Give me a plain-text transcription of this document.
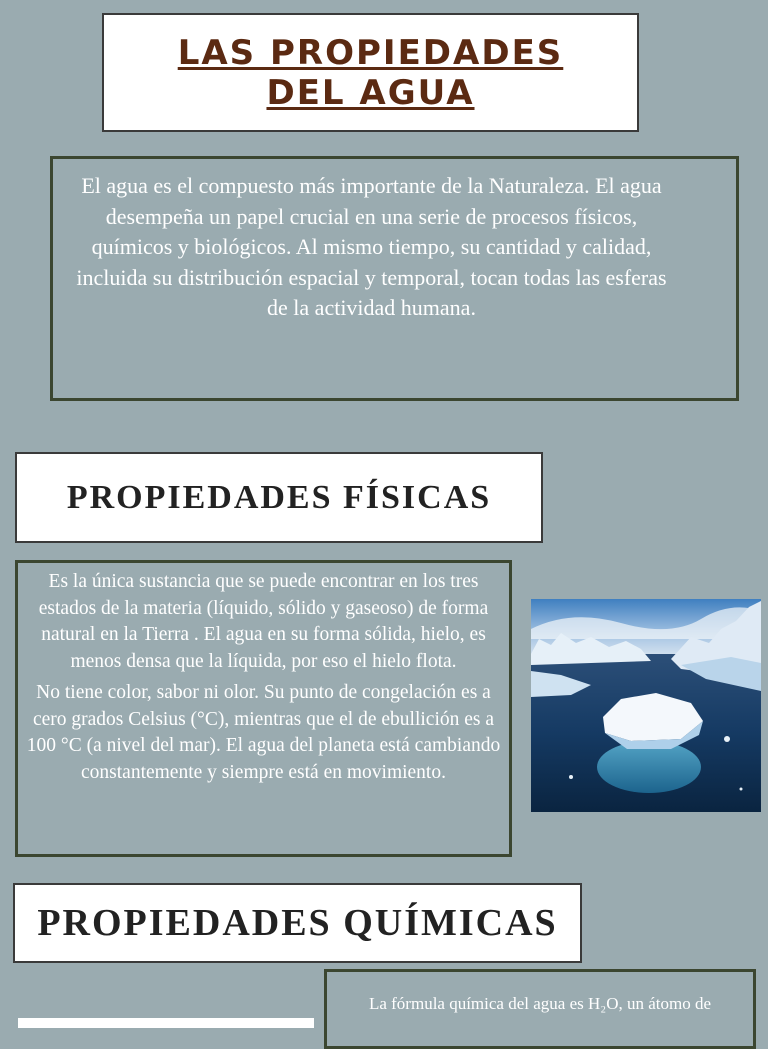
LAS PROPIEDADES
DEL AGUA
El agua es el compuesto más importante de la Naturaleza. El agua desempeña un papel crucial en una serie de procesos físicos, químicos y biológicos. Al mismo tiempo, su cantidad y calidad, incluida su distribución espacial y temporal, tocan todas las esferas de la actividad humana.
PROPIEDADES FÍSICAS

Es la única sustancia que se puede encontrar en los tres estados de la materia (líquido, sólido y gaseoso) de forma natural en la Tierra . El agua en su forma sólida, hielo, es menos densa que la líquida, por eso el hielo flota.

No tiene color, sabor ni olor. Su punto de congelación es a cero grados Celsius (°C), mientras que el de ebullición es a 100 °C (a nivel del mar). El agua del planeta está cambiando constantemente y siempre está en movimiento.

PROPIEDADES QUÍMICAS
La fórmula química del agua es H₂O, un átomo de
